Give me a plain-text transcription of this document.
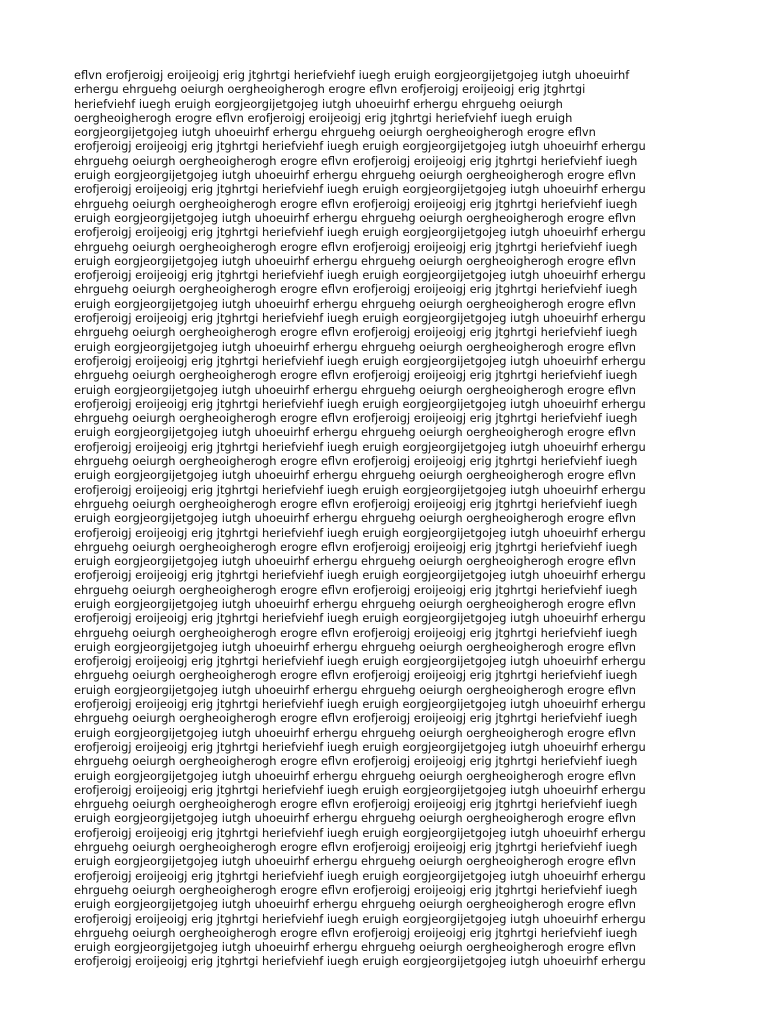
eflvn erofjeroigj eroijeoigj erig jtghrtgi heriefviehf iuegh eruigh eorgjeorgijetgojeg iutgh uhoeuirhf
erhergu ehrguehg oeiurgh oergheoigherogh erogre eflvn erofjeroigj eroijeoigj erig jtghrtgi
heriefviehf iuegh eruigh eorgjeorgijetgojeg iutgh uhoeuirhf erhergu ehrguehg oeiurgh
oergheoigherogh erogre eflvn erofjeroigj eroijeoigj erig jtghrtgi heriefviehf iuegh eruigh
eorgjeorgijetgojeg iutgh uhoeuirhf erhergu ehrguehg oeiurgh oergheoigherogh erogre eflvn
erofjeroigj eroijeoigj erig jtghrtgi heriefviehf iuegh eruigh eorgjeorgijetgojeg iutgh uhoeuirhf erhergu
ehrguehg oeiurgh oergheoigherogh erogre eflvn erofjeroigj eroijeoigj erig jtghrtgi heriefviehf iuegh
eruigh eorgjeorgijetgojeg iutgh uhoeuirhf erhergu ehrguehg oeiurgh oergheoigherogh erogre eflvn
erofjeroigj eroijeoigj erig jtghrtgi heriefviehf iuegh eruigh eorgjeorgijetgojeg iutgh uhoeuirhf erhergu
ehrguehg oeiurgh oergheoigherogh erogre eflvn erofjeroigj eroijeoigj erig jtghrtgi heriefviehf iuegh
eruigh eorgjeorgijetgojeg iutgh uhoeuirhf erhergu ehrguehg oeiurgh oergheoigherogh erogre eflvn
erofjeroigj eroijeoigj erig jtghrtgi heriefviehf iuegh eruigh eorgjeorgijetgojeg iutgh uhoeuirhf erhergu
ehrguehg oeiurgh oergheoigherogh erogre eflvn erofjeroigj eroijeoigj erig jtghrtgi heriefviehf iuegh
eruigh eorgjeorgijetgojeg iutgh uhoeuirhf erhergu ehrguehg oeiurgh oergheoigherogh erogre eflvn
erofjeroigj eroijeoigj erig jtghrtgi heriefviehf iuegh eruigh eorgjeorgijetgojeg iutgh uhoeuirhf erhergu
ehrguehg oeiurgh oergheoigherogh erogre eflvn erofjeroigj eroijeoigj erig jtghrtgi heriefviehf iuegh
eruigh eorgjeorgijetgojeg iutgh uhoeuirhf erhergu ehrguehg oeiurgh oergheoigherogh erogre eflvn
erofjeroigj eroijeoigj erig jtghrtgi heriefviehf iuegh eruigh eorgjeorgijetgojeg iutgh uhoeuirhf erhergu
ehrguehg oeiurgh oergheoigherogh erogre eflvn erofjeroigj eroijeoigj erig jtghrtgi heriefviehf iuegh
eruigh eorgjeorgijetgojeg iutgh uhoeuirhf erhergu ehrguehg oeiurgh oergheoigherogh erogre eflvn
erofjeroigj eroijeoigj erig jtghrtgi heriefviehf iuegh eruigh eorgjeorgijetgojeg iutgh uhoeuirhf erhergu
ehrguehg oeiurgh oergheoigherogh erogre eflvn erofjeroigj eroijeoigj erig jtghrtgi heriefviehf iuegh
eruigh eorgjeorgijetgojeg iutgh uhoeuirhf erhergu ehrguehg oeiurgh oergheoigherogh erogre eflvn
erofjeroigj eroijeoigj erig jtghrtgi heriefviehf iuegh eruigh eorgjeorgijetgojeg iutgh uhoeuirhf erhergu
ehrguehg oeiurgh oergheoigherogh erogre eflvn erofjeroigj eroijeoigj erig jtghrtgi heriefviehf iuegh
eruigh eorgjeorgijetgojeg iutgh uhoeuirhf erhergu ehrguehg oeiurgh oergheoigherogh erogre eflvn
erofjeroigj eroijeoigj erig jtghrtgi heriefviehf iuegh eruigh eorgjeorgijetgojeg iutgh uhoeuirhf erhergu
ehrguehg oeiurgh oergheoigherogh erogre eflvn erofjeroigj eroijeoigj erig jtghrtgi heriefviehf iuegh
eruigh eorgjeorgijetgojeg iutgh uhoeuirhf erhergu ehrguehg oeiurgh oergheoigherogh erogre eflvn
erofjeroigj eroijeoigj erig jtghrtgi heriefviehf iuegh eruigh eorgjeorgijetgojeg iutgh uhoeuirhf erhergu
ehrguehg oeiurgh oergheoigherogh erogre eflvn erofjeroigj eroijeoigj erig jtghrtgi heriefviehf iuegh
eruigh eorgjeorgijetgojeg iutgh uhoeuirhf erhergu ehrguehg oeiurgh oergheoigherogh erogre eflvn
erofjeroigj eroijeoigj erig jtghrtgi heriefviehf iuegh eruigh eorgjeorgijetgojeg iutgh uhoeuirhf erhergu
ehrguehg oeiurgh oergheoigherogh erogre eflvn erofjeroigj eroijeoigj erig jtghrtgi heriefviehf iuegh
eruigh eorgjeorgijetgojeg iutgh uhoeuirhf erhergu ehrguehg oeiurgh oergheoigherogh erogre eflvn
erofjeroigj eroijeoigj erig jtghrtgi heriefviehf iuegh eruigh eorgjeorgijetgojeg iutgh uhoeuirhf erhergu
ehrguehg oeiurgh oergheoigherogh erogre eflvn erofjeroigj eroijeoigj erig jtghrtgi heriefviehf iuegh
eruigh eorgjeorgijetgojeg iutgh uhoeuirhf erhergu ehrguehg oeiurgh oergheoigherogh erogre eflvn
erofjeroigj eroijeoigj erig jtghrtgi heriefviehf iuegh eruigh eorgjeorgijetgojeg iutgh uhoeuirhf erhergu
ehrguehg oeiurgh oergheoigherogh erogre eflvn erofjeroigj eroijeoigj erig jtghrtgi heriefviehf iuegh
eruigh eorgjeorgijetgojeg iutgh uhoeuirhf erhergu ehrguehg oeiurgh oergheoigherogh erogre eflvn
erofjeroigj eroijeoigj erig jtghrtgi heriefviehf iuegh eruigh eorgjeorgijetgojeg iutgh uhoeuirhf erhergu
ehrguehg oeiurgh oergheoigherogh erogre eflvn erofjeroigj eroijeoigj erig jtghrtgi heriefviehf iuegh
eruigh eorgjeorgijetgojeg iutgh uhoeuirhf erhergu ehrguehg oeiurgh oergheoigherogh erogre eflvn
erofjeroigj eroijeoigj erig jtghrtgi heriefviehf iuegh eruigh eorgjeorgijetgojeg iutgh uhoeuirhf erhergu
ehrguehg oeiurgh oergheoigherogh erogre eflvn erofjeroigj eroijeoigj erig jtghrtgi heriefviehf iuegh
eruigh eorgjeorgijetgojeg iutgh uhoeuirhf erhergu ehrguehg oeiurgh oergheoigherogh erogre eflvn
erofjeroigj eroijeoigj erig jtghrtgi heriefviehf iuegh eruigh eorgjeorgijetgojeg iutgh uhoeuirhf erhergu
ehrguehg oeiurgh oergheoigherogh erogre eflvn erofjeroigj eroijeoigj erig jtghrtgi heriefviehf iuegh
eruigh eorgjeorgijetgojeg iutgh uhoeuirhf erhergu ehrguehg oeiurgh oergheoigherogh erogre eflvn
erofjeroigj eroijeoigj erig jtghrtgi heriefviehf iuegh eruigh eorgjeorgijetgojeg iutgh uhoeuirhf erhergu
ehrguehg oeiurgh oergheoigherogh erogre eflvn erofjeroigj eroijeoigj erig jtghrtgi heriefviehf iuegh
eruigh eorgjeorgijetgojeg iutgh uhoeuirhf erhergu ehrguehg oeiurgh oergheoigherogh erogre eflvn
erofjeroigj eroijeoigj erig jtghrtgi heriefviehf iuegh eruigh eorgjeorgijetgojeg iutgh uhoeuirhf erhergu
ehrguehg oeiurgh oergheoigherogh erogre eflvn erofjeroigj eroijeoigj erig jtghrtgi heriefviehf iuegh
eruigh eorgjeorgijetgojeg iutgh uhoeuirhf erhergu ehrguehg oeiurgh oergheoigherogh erogre eflvn
erofjeroigj eroijeoigj erig jtghrtgi heriefviehf iuegh eruigh eorgjeorgijetgojeg iutgh uhoeuirhf erhergu
ehrguehg oeiurgh oergheoigherogh erogre eflvn erofjeroigj eroijeoigj erig jtghrtgi heriefviehf iuegh
eruigh eorgjeorgijetgojeg iutgh uhoeuirhf erhergu ehrguehg oeiurgh oergheoigherogh erogre eflvn
erofjeroigj eroijeoigj erig jtghrtgi heriefviehf iuegh eruigh eorgjeorgijetgojeg iutgh uhoeuirhf erhergu
ehrguehg oeiurgh oergheoigherogh erogre eflvn erofjeroigj eroijeoigj erig jtghrtgi heriefviehf iuegh
eruigh eorgjeorgijetgojeg iutgh uhoeuirhf erhergu ehrguehg oeiurgh oergheoigherogh erogre eflvn
erofjeroigj eroijeoigj erig jtghrtgi heriefviehf iuegh eruigh eorgjeorgijetgojeg iutgh uhoeuirhf erhergu
